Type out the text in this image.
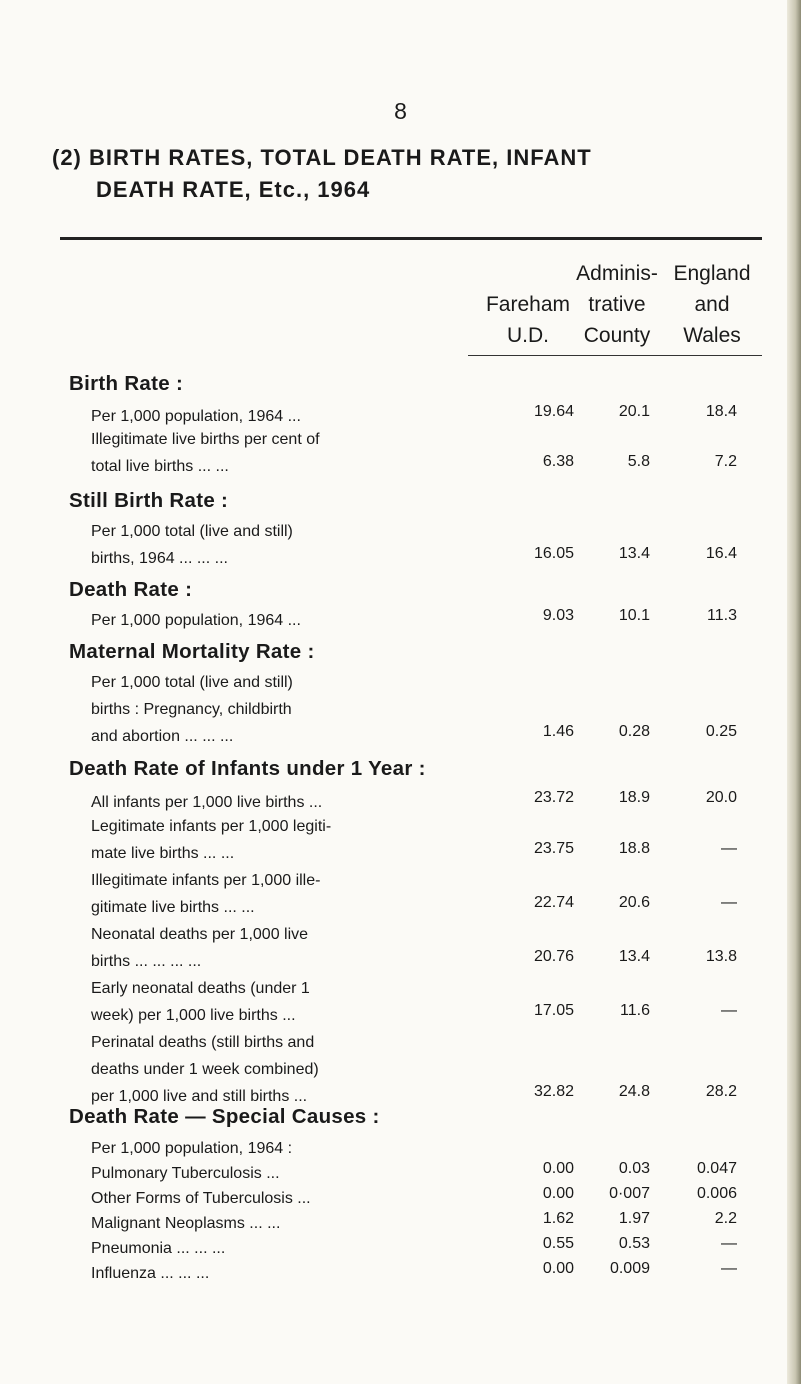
8
(2) BIRTH RATES, TOTAL DEATH RATE, INFANT
DEATH RATE, Etc., 1964

Fareham
U.D.
Adminis-
trative
County
England
and
Wales
Birth Rate :
Still Birth Rate :
Death Rate :
Maternal Mortality Rate :
Death Rate of Infants under 1 Year :
Death Rate — Special Causes :
Per 1,000 population, 1964 ...	19.64	20.1	18.4
Illegitimate live births per cent of
total live births ... ...	6.38	5.8	7.2
Per 1,000 total (live and still)
births, 1964 ... ... ...	16.05	13.4	16.4
Per 1,000 population, 1964 ...	9.03	10.1	11.3
Per 1,000 total (live and still)
births : Pregnancy, childbirth
and abortion ... ... ...	1.46	0.28	0.25
All infants per 1,000 live births ...	23.72	18.9	20.0
Legitimate infants per 1,000 legiti-
mate live births ... ...	23.75	18.8	—
Illegitimate infants per 1,000 ille-
gitimate live births ... ...	22.74	20.6	—
Neonatal deaths per 1,000 live
births ... ... ... ...	20.76	13.4	13.8
Early neonatal deaths (under 1
week) per 1,000 live births ...	17.05	11.6	—
Perinatal deaths (still births and
deaths under 1 week combined)
per 1,000 live and still births ...	32.82	24.8	28.2
Per 1,000 population, 1964 :
Pulmonary Tuberculosis ...	0.00	0.03	0.047
Other Forms of Tuberculosis ...	0.00	0·007	0.006
Malignant Neoplasms ... ...	1.62	1.97	2.2
Pneumonia ... ... ...	0.55	0.53	—
Influenza ... ... ...	0.00	0.009	—
